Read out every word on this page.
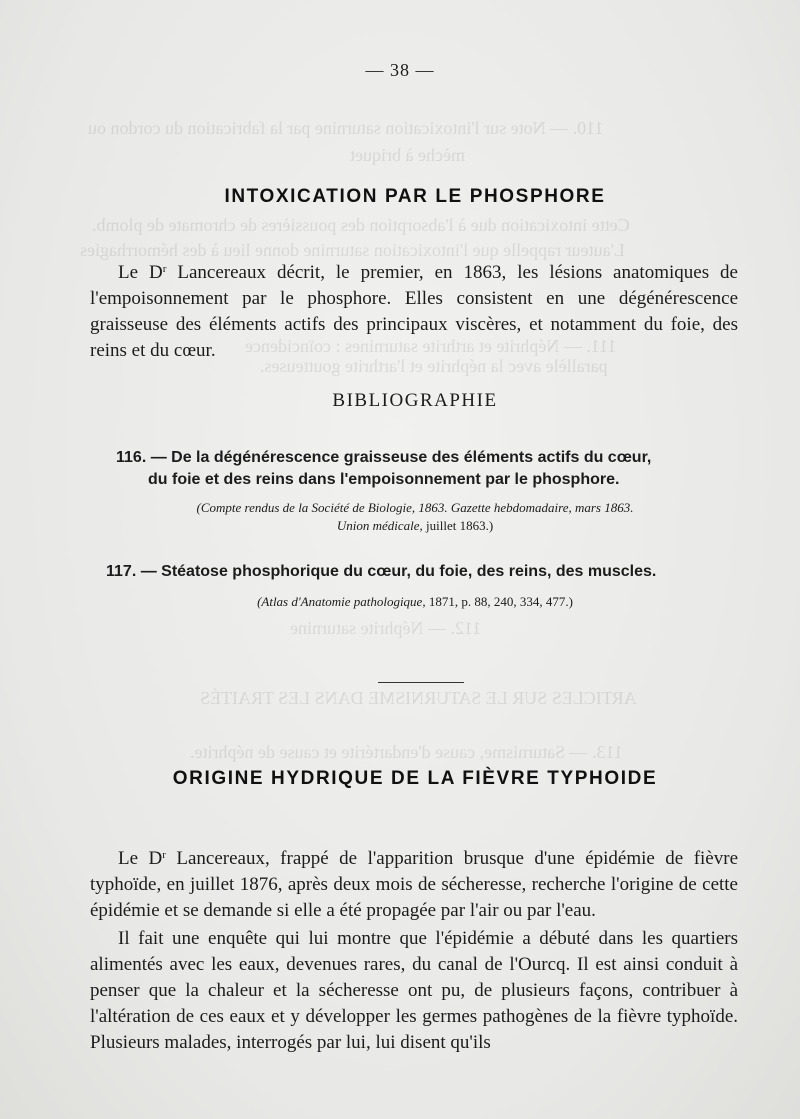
110. — Note sur l'intoxication saturnine par la fabrication du cordon ou
mèche à briquet
Cette intoxication due à l'absorption des poussières de chromate de plomb.
L'auteur rappelle que l'intoxication saturnine donne lieu à des hémorrhagies
111. — Néphrite et arthrite saturnines : coïncidence
parallèle avec la néphrite et l'arthrite goutteuses.
112. — Néphrite saturnine
ARTICLES SUR LE SATURNISME DANS LES TRAITÉS
113. — Saturnisme, cause d'endartérite et cause de néphrite.
— 38 —
INTOXICATION PAR LE PHOSPHORE

Le $D^r$ Lancereaux décrit, le premier, en 1863, les lésions anatomiques de l'empoisonnement par le phosphore. Elles consistent en une dégénérescence graisseuse des éléments actifs des principaux viscères, et notamment du foie, des reins et du cœur.

BIBLIOGRAPHIE
116. — De la dégénérescence graisseuse des éléments actifs du cœur,
du foie et des reins dans l'empoisonnement par le phosphore.
(Compte rendus de la Société de Biologie, 1863. Gazette hebdomadaire, mars 1863.
Union médicale, juillet 1863.)
117. — Stéatose phosphorique du cœur, du foie, des reins, des muscles.
(Atlas d'Anatomie pathologique, 1871, p. 88, 240, 334, 477.)
ORIGINE HYDRIQUE DE LA FIÈVRE TYPHOIDE

Le $D^r$ Lancereaux, frappé de l'apparition brusque d'une épidémie de fièvre typhoïde, en juillet 1876, après deux mois de sécheresse, recherche l'origine de cette épidémie et se demande si elle a été propagée par l'air ou par l'eau.

Il fait une enquête qui lui montre que l'épidémie a débuté dans les quartiers alimentés avec les eaux, devenues rares, du canal de l'Ourcq. Il est ainsi conduit à penser que la chaleur et la sécheresse ont pu, de plusieurs façons, contribuer à l'altération de ces eaux et y développer les germes pathogènes de la fièvre typhoïde. Plusieurs malades, interrogés par lui, lui disent qu'ils
